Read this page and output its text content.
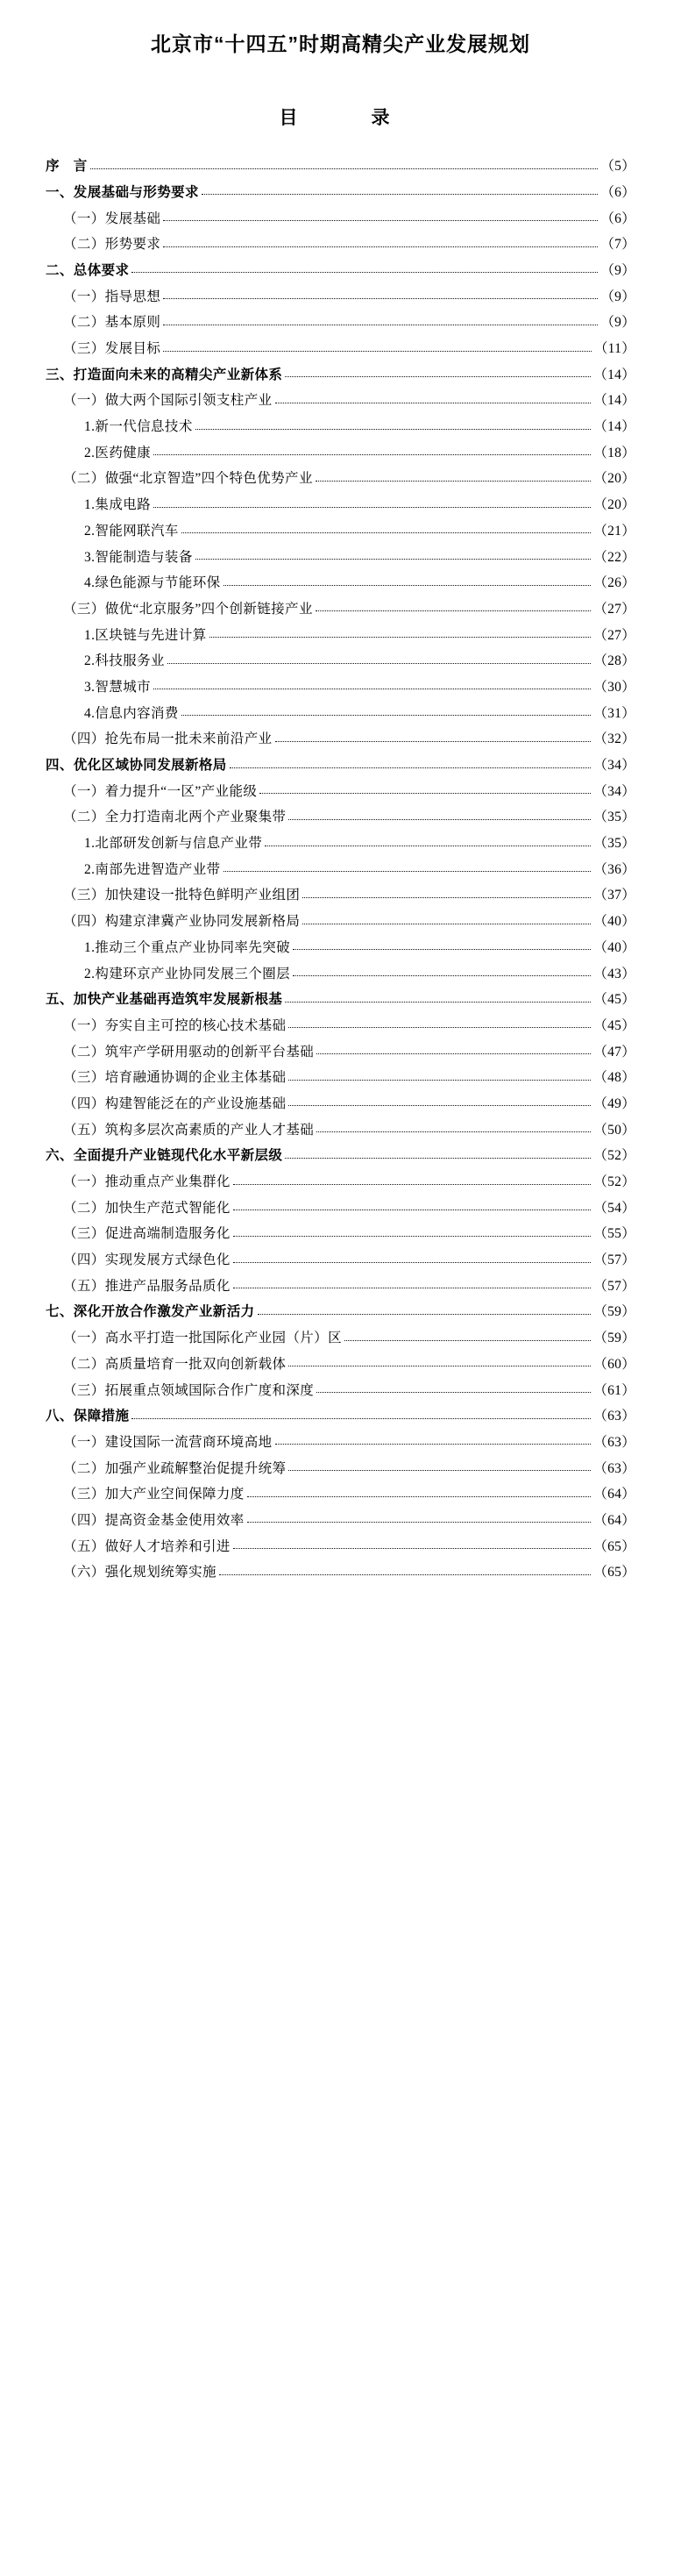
北京市“十四五”时期高精尖产业发展规划
目　　录
序　言	（5）
一、发展基础与形势要求	（6）
（一）发展基础	（6）
（二）形势要求	（7）
二、总体要求	（9）
（一）指导思想	（9）
（二）基本原则	（9）
（三）发展目标	（11）
三、打造面向未来的高精尖产业新体系	（14）
（一）做大两个国际引领支柱产业	（14）
1.新一代信息技术	（14）
2.医药健康	（18）
（二）做强“北京智造”四个特色优势产业	（20）
1.集成电路	（20）
2.智能网联汽车	（21）
3.智能制造与装备	（22）
4.绿色能源与节能环保	（26）
（三）做优“北京服务”四个创新链接产业	（27）
1.区块链与先进计算	（27）
2.科技服务业	（28）
3.智慧城市	（30）
4.信息内容消费	（31）
（四）抢先布局一批未来前沿产业	（32）
四、优化区域协同发展新格局	（34）
（一）着力提升“一区”产业能级	（34）
（二）全力打造南北两个产业聚集带	（35）
1.北部研发创新与信息产业带	（35）
2.南部先进智造产业带	（36）
（三）加快建设一批特色鲜明产业组团	（37）
（四）构建京津冀产业协同发展新格局	（40）
1.推动三个重点产业协同率先突破	（40）
2.构建环京产业协同发展三个圈层	（43）
五、加快产业基础再造筑牢发展新根基	（45）
（一）夯实自主可控的核心技术基础	（45）
（二）筑牢产学研用驱动的创新平台基础	（47）
（三）培育融通协调的企业主体基础	（48）
（四）构建智能泛在的产业设施基础	（49）
（五）筑构多层次高素质的产业人才基础	（50）
六、全面提升产业链现代化水平新层级	（52）
（一）推动重点产业集群化	（52）
（二）加快生产范式智能化	（54）
（三）促进高端制造服务化	（55）
（四）实现发展方式绿色化	（57）
（五）推进产品服务品质化	（57）
七、深化开放合作激发产业新活力	（59）
（一）高水平打造一批国际化产业园（片）区	（59）
（二）高质量培育一批双向创新载体	（60）
（三）拓展重点领域国际合作广度和深度	（61）
八、保障措施	（63）
（一）建设国际一流营商环境高地	（63）
（二）加强产业疏解整治促提升统筹	（63）
（三）加大产业空间保障力度	（64）
（四）提高资金基金使用效率	（64）
（五）做好人才培养和引进	（65）
（六）强化规划统筹实施	（65）
